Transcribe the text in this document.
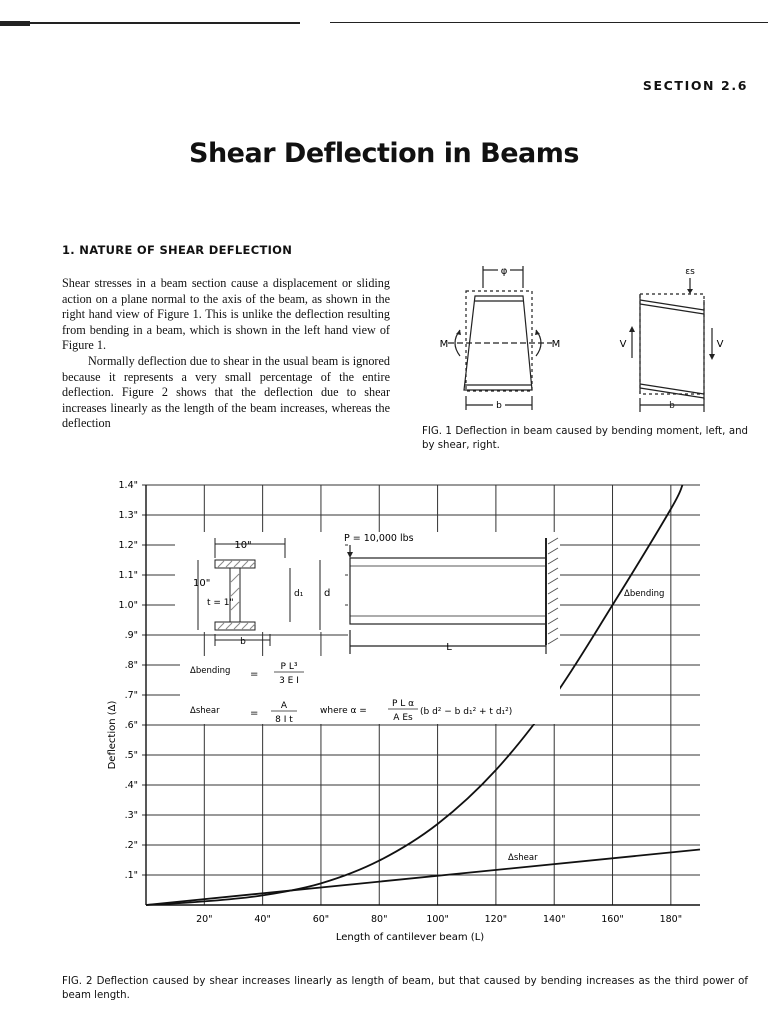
SECTION 2.6
Shear Deflection in Beams
1. NATURE OF SHEAR DEFLECTION

Shear stresses in a beam section cause a displacement or sliding action on a plane normal to the axis of the beam, as shown in the right hand view of Figure 1. This is unlike the deflection resulting from bending in a beam, which is shown in the left hand view of Figure 1.

Normally deflection due to shear in the usual beam is ignored because it represents a very small percentage of the entire deflection. Figure 2 shows that the deflection due to shear increases linearly as the length of the beam increases, whereas the deflection

φ
M	M
b
V	V
εs
b
FIG. 1 Deflection in beam caused by bending moment, left, and by shear, right.
20"	40"	60"	80"	100"	120"	140"	160"	180"
.1"
.2"
.3"
.4"
.5"
.6"
.7"
.8"
.9"
1.0"
1.1"
1.2"
1.3"
1.4"
10"
10"
t = 1"
d₁ d
b
P = 10,000 lbs
L
Δbending =
P L³
3 E I
Δshear	=
A
8 I t
where α =
P L α
A Es
(b d² − b d₁² + t d₁²)
Δbending
Δshear
Length of cantilever beam (L)
Deflection (Δ)
FIG. 2 Deflection caused by shear increases linearly as length of beam, but that caused by bending increases as the third power of beam length.
